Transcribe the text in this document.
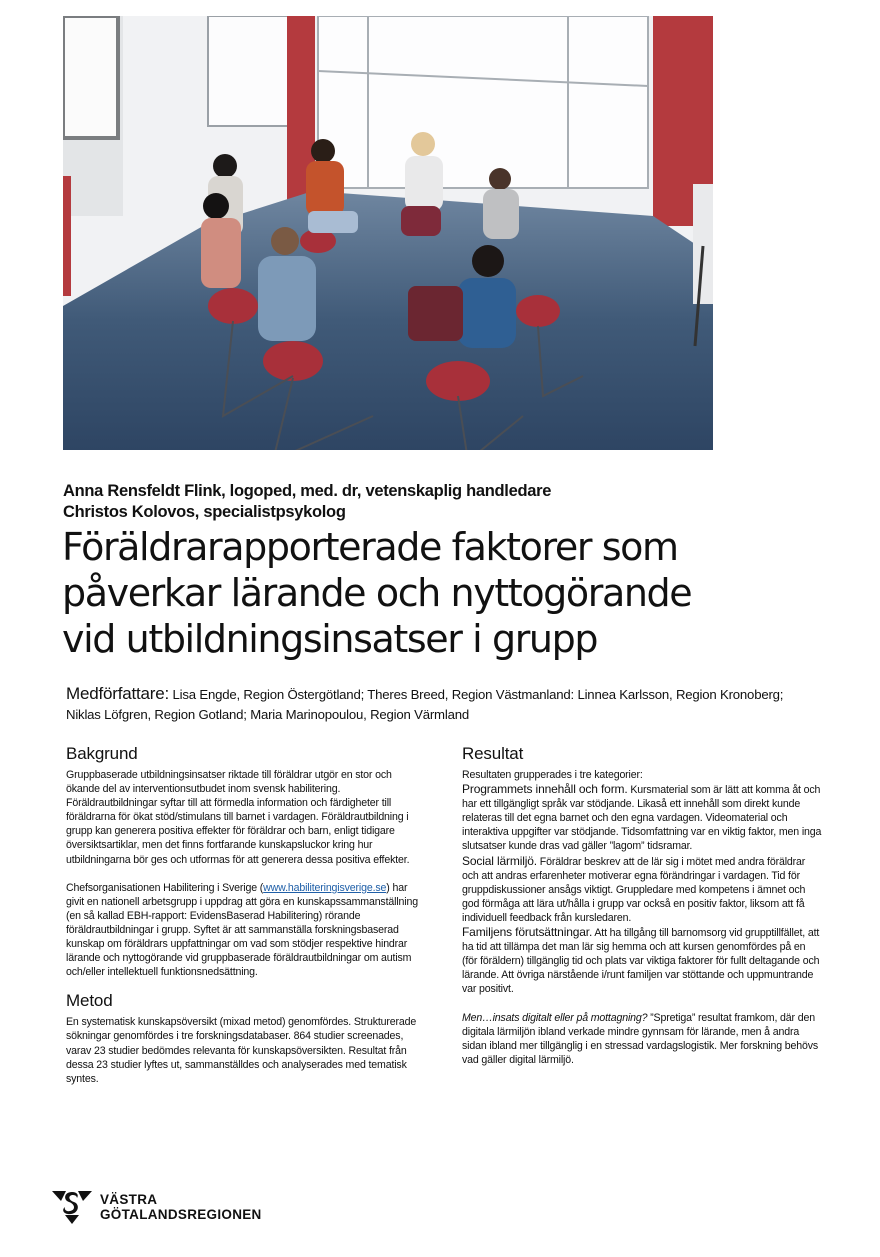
Anna Rensfeldt Flink, logoped, med. dr, vetenskaplig handledare
Christos Kolovos, specialistpsykolog
Föräldrarapporterade faktorer som
påverkar lärande och nyttogörande
vid utbildningsinsatser i grupp
Medförfattare: Lisa Engde, Region Östergötland; Theres Breed, Region Västmanland: Linnea Karlsson, Region Kronoberg;
Niklas Löfgren, Region Gotland; Maria Marinopoulou, Region Värmland
Bakgrund

Gruppbaserade utbildningsinsatser riktade till föräldrar utgör en stor och ökande del av interventionsutbudet inom svensk habilitering. Föräldrautbildningar syftar till att förmedla information och färdigheter till föräldrarna för ökat stöd/stimulans till barnet i vardagen. Föräldrautbildning i grupp kan generera positiva effekter för föräldrar och barn, enligt tidigare översiktsartiklar, men det finns fortfarande kunskapsluckor kring hur utbildningarna bör ges och utformas för att generera dessa positiva effekter.

Chefsorganisationen Habilitering i Sverige (www.habiliteringisverige.se) har givit en nationell arbetsgrupp i uppdrag att göra en kunskapssammanställning (en så kallad EBH-rapport: EvidensBaserad Habilitering) rörande föräldrautbildningar i grupp. Syftet är att sammanställa forskningsbaserad kunskap om föräldrars uppfattningar om vad som stödjer respektive hindrar lärande och nyttogörande vid gruppbaserade föräldrautbildningar om autism och/eller intellektuell funktionsnedsättning.

Metod

En systematisk kunskapsöversikt (mixad metod) genomfördes. Strukturerade sökningar genomfördes i tre forskningsdatabaser. 864 studier screenades, varav 23 studier bedömdes relevanta för kunskapsöversikten. Resultat från dessa 23 studier lyftes ut, sammanställdes och analyserades med tematisk syntes.

Resultat

Resultaten grupperades i tre kategorier:

Programmets innehåll och form. Kursmaterial som är lätt att komma åt och har ett tillgängligt språk var stödjande. Likaså ett innehåll som direkt kunde relateras till det egna barnet och den egna vardagen. Videomaterial och interaktiva uppgifter var stödjande. Tidsomfattning var en viktig faktor, men inga slutsatser kunde dras vad gäller ”lagom” tidsramar.

Social lärmiljö. Föräldrar beskrev att de lär sig i mötet med andra föräldrar och att andras erfarenheter motiverar egna förändringar i vardagen. Tid för gruppdiskussioner ansågs viktigt. Gruppledare med kompetens i ämnet och god förmåga att lära ut/hålla i grupp var också en positiv faktor, liksom att få individuell feedback från kursledaren.

Familjens förutsättningar. Att ha tillgång till barnomsorg vid grupptillfället, att ha tid att tillämpa det man lär sig hemma och att kursen genomfördes på en (för föräldern) tillgänglig tid och plats var viktiga faktorer för fullt deltagande och lärande. Att övriga närstående i/runt familjen var stöttande och uppmuntrande var positivt.

Men…insats digitalt eller på mottagning? ”Spretiga” resultat framkom, där den digitala lärmiljön ibland verkade mindre gynnsam för lärande, men å andra sidan ibland mer tillgänglig i en stressad vardagslogistik. Mer forskning behövs vad gäller digital lärmiljö.

VÄSTRA
GÖTALANDSREGIONEN
